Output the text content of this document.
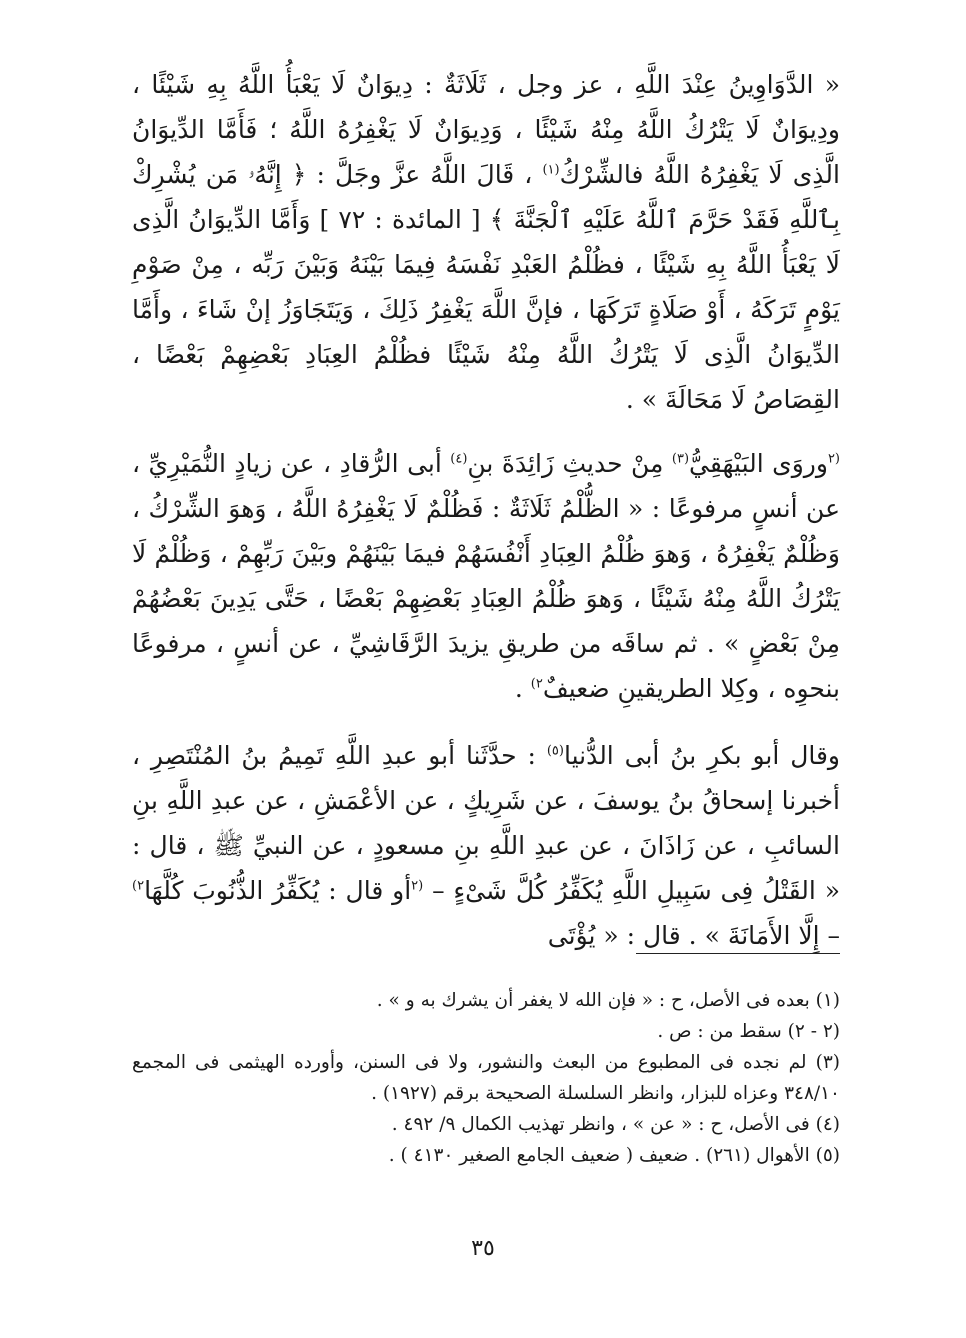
« الدَّوَاوِينُ عِنْدَ اللَّهِ ، عز وجل ، ثَلَاثَةٌ : دِيوَانٌ لَا يَعْبَأُ اللَّهُ بِهِ شَيْئًا ، ودِيوَانٌ لَا يَتْرُكُ اللَّهُ مِنْهُ شَيْئًا ، وَدِيوَانٌ لَا يَغْفِرُهُ اللَّهُ ؛ فَأَمَّا الدِّيوَانُ الَّذِى لَا يَغْفِرُهُ اللَّهُ فالشِّرْكُ$^{(١)}$ ، قَالَ اللَّهُ عزَّ وجَلَّ : ﴿ إِنَّهُۥ مَن يُشْرِكْ بِٱللَّهِ فَقَدْ حَرَّمَ ٱللَّهُ عَلَيْهِ ٱلْجَنَّةَ ﴾ [ المائدة : ٧٢ ] وَأَمَّا الدِّيوَانُ الَّذِى لَا يَعْبَأُ اللَّهُ بِهِ شَيْئًا ، فظُلْمُ العَبْدِ نَفْسَهُ فِيمَا بَيْنَهُ وَبَيْنَ رَبِّه ، مِنْ صَوْمِ يَوْمٍ تَرَكَهُ ، أَوْ صَلَاةٍ تَرَكَهَا ، فإنَّ اللَّهَ يَغْفِرُ ذَلِكَ ، وَيَتَجَاوَزُ إنْ شَاءَ ، وأَمَّا الدِّيوَانُ الَّذِى لَا يَتْرُكُ اللَّهُ مِنْهُ شَيْئًا فظُلْمُ العِبَادِ بَعْضِهِمْ بَعْضًا ، القِصَاصُ لَا مَحَالَةَ » .

$^{(٢}$وروَى البَيْهَقِيُّ$^{(٣)}$ مِنْ حديثِ زَائِدَةَ بنِ$^{(٤)}$ أبى الرُّقادِ ، عن زيادٍ النُّمَيْرِيِّ ، عن أنسٍ مرفوعًا : « الظُّلْمُ ثَلَاثَةٌ : فَظُلْمٌ لَا يَغْفِرُهُ اللَّهُ ، وَهوَ الشِّرْكُ ، وَظُلْمٌ يَغْفِرُهُ ، وَهوَ ظُلْمُ العِبَادِ أَنْفُسَهُمْ فيمَا بَيْنَهُمْ وبَيْنَ رَبِّهِمْ ، وَظُلْمٌ لَا يَتْرُكُ اللَّهُ مِنْهُ شَيْئًا ، وَهوَ ظُلْمُ العِبَادِ بَعْضِهِمْ بَعْضًا ، حَتَّى يَدِينَ بَعْضُهُمْ مِنْ بَعْضٍ » . ثم ساقَه من طريقِ يزيدَ الرَّقَاشِيِّ ، عن أنسٍ ، مرفوعًا بنحوِه ، وكِلا الطريقينِ ضعيفٌ$^{٢)}$ .

وقال أبو بكرِ بنُ أبى الدُّنيا$^{(٥)}$ : حدَّثَنا أبو عبدِ اللَّهِ تَمِيمُ بنُ المُنْتَصِرِ ، أخبرنا إسحاقُ بنُ يوسفَ ، عن شَرِيكٍ ، عن الأعْمَشِ ، عن عبدِ اللَّهِ بنِ السائبِ ، عن زَاذَانَ ، عن عبدِ اللَّهِ بنِ مسعودٍ ، عن النبيِّ ﷺ ، قال : « القَتْلُ فِى سَبِيلِ اللَّهِ يُكَفِّرُ كُلَّ شَىْءٍ – $^{(٢}$أو قال : يُكَفِّرُ الذُّنُوبَ كُلَّهَا$^{٢)}$ – إِلَّا الأَمَانَةَ » . قال : « يُؤْتَى

(١) بعده فى الأصل، ح : « فإن الله لا يغفر أن يشرك به و » .

(٢ - ٢) سقط من : ص .

(٣) لم نجده فى المطبوع من البعث والنشور، ولا فى السنن، وأورده الهيثمى فى المجمع ٣٤٨/١٠ وعزاه للبزار، وانظر السلسلة الصحيحة برقم (١٩٢٧) .

(٤) فى الأصل، ح : « عن » ، وانظر تهذيب الكمال ٩/ ٤٩٢ .

(٥) الأهوال (٢٦١) . ضعيف ( ضعيف الجامع الصغير ٤١٣٠ ) .

٣٥
